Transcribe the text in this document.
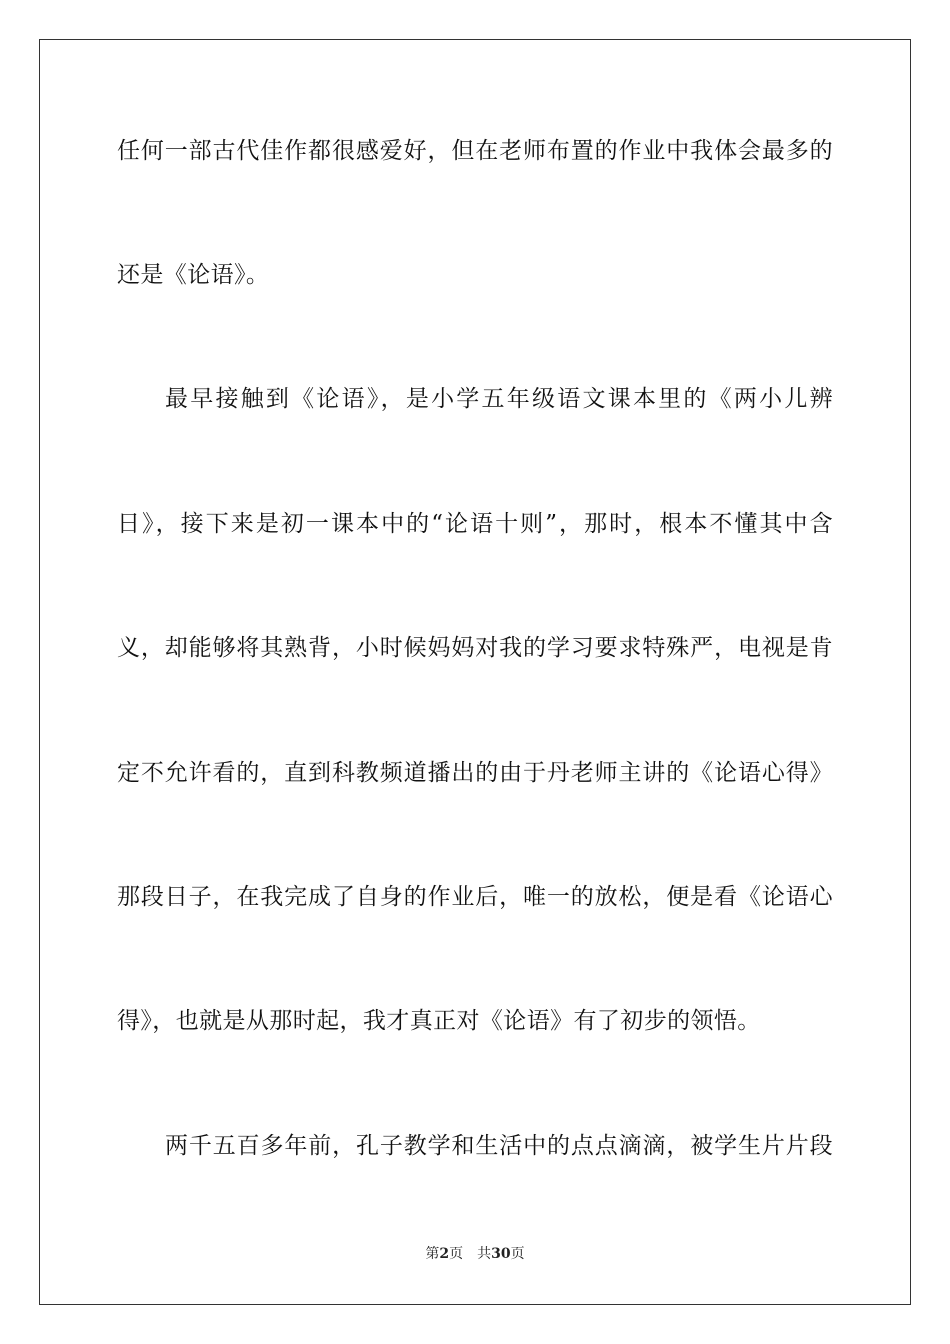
任何一部古代佳作都很感爱好，但在老师布置的作业中我体会最多的
还是《论语》。
最早接触到《论语》，是小学五年级语文课本里的《两小儿辨
日》，接下来是初一课本中的“论语十则”，那时，根本不懂其中含
义，却能够将其熟背，小时候妈妈对我的学习要求特殊严，电视是肯
定不允许看的，直到科教频道播出的由于丹老师主讲的《论语心得》
那段日子，在我完成了自身的作业后，唯一的放松，便是看《论语心
得》，也就是从那时起，我才真正对《论语》有了初步的领悟。
两千五百多年前，孔子教学和生活中的点点滴滴，被学生片片段
第2页 共30页
